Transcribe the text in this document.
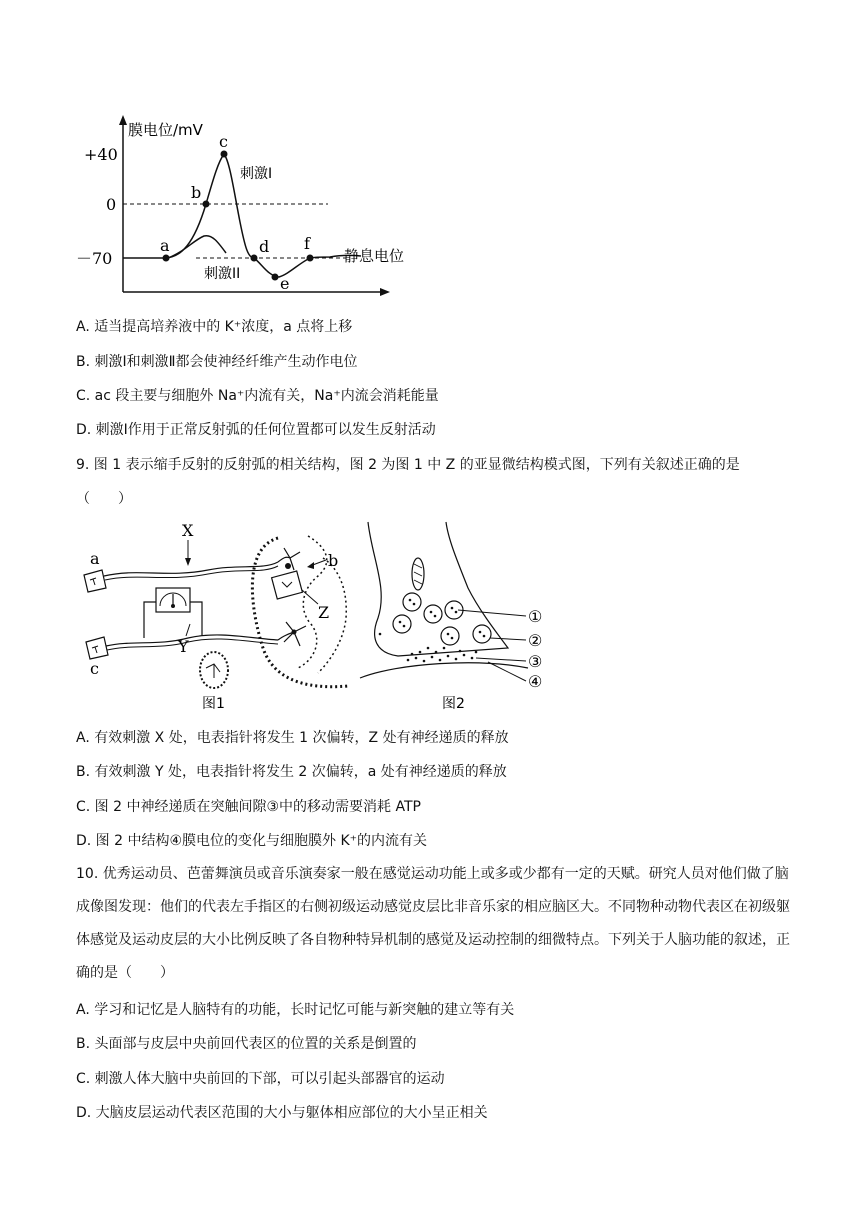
膜电位/mV
+40
0
－70
a
b
c
d
e
f
刺激I
刺激II
静息电位
A. 适当提高培养液中的 K⁺浓度，a 点将上移
B. 刺激Ⅰ和刺激Ⅱ都会使神经纤维产生动作电位
C. ac 段主要与细胞外 Na⁺内流有关，Na⁺内流会消耗能量
D. 刺激Ⅰ作用于正常反射弧的任何位置都可以发生反射活动
9. 图 1 表示缩手反射的反射弧的相关结构，图 2 为图 1 中 Z 的亚显微结构模式图，下列有关叙述正确的是
（　　）
X
a	b
c
Y
Z
图1
①
②
③
④
图2
A. 有效刺激 X 处，电表指针将发生 1 次偏转，Z 处有神经递质的释放
B. 有效刺激 Y 处，电表指针将发生 2 次偏转，a 处有神经递质的释放
C. 图 2 中神经递质在突触间隙③中的移动需要消耗 ATP
D. 图 2 中结构④膜电位的变化与细胞膜外 K⁺的内流有关
10. 优秀运动员、芭蕾舞演员或音乐演奏家一般在感觉运动功能上或多或少都有一定的天赋。研究人员对他们做了脑成像图发现：他们的代表左手指区的右侧初级运动感觉皮层比非音乐家的相应脑区大。不同物种动物代表区在初级躯体感觉及运动皮层的大小比例反映了各自物种特异机制的感觉及运动控制的细微特点。下列关于人脑功能的叙述，正确的是（　　）
A. 学习和记忆是人脑特有的功能，长时记忆可能与新突触的建立等有关
B. 头面部与皮层中央前回代表区的位置的关系是倒置的
C. 刺激人体大脑中央前回的下部，可以引起头部器官的运动
D. 大脑皮层运动代表区范围的大小与躯体相应部位的大小呈正相关
